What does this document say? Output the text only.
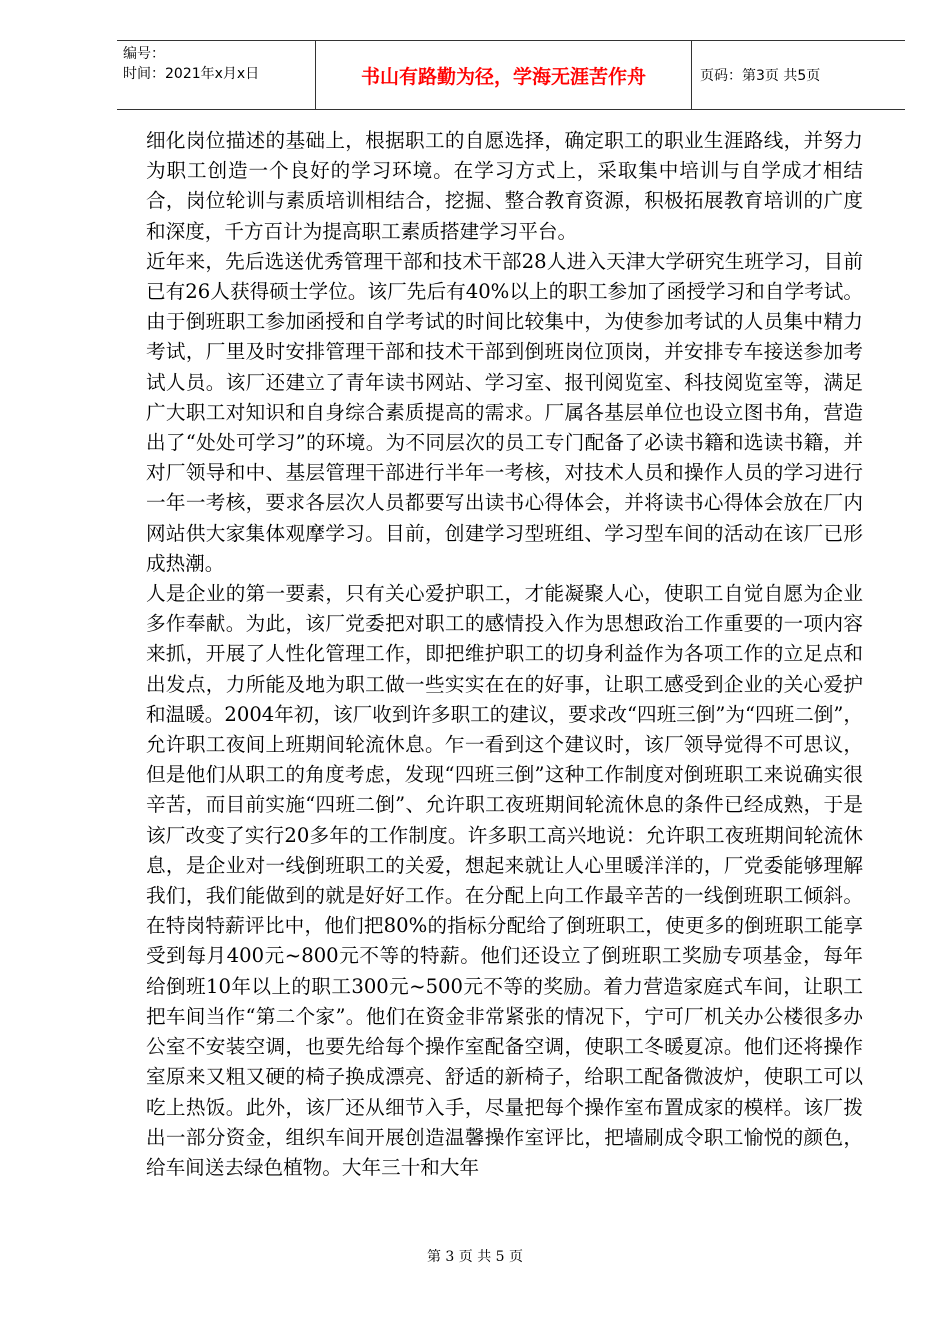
编号：
时间：2021年x月x日	书山有路勤为径，学海无涯苦作舟	页码：第3页 共5页

细化岗位描述的基础上，根据职工的自愿选择，确定职工的职业生涯路线，并努力为职工创造一个良好的学习环境。在学习方式上，采取集中培训与自学成才相结合，岗位轮训与素质培训相结合，挖掘、整合教育资源，积极拓展教育培训的广度和深度，千方百计为提高职工素质搭建学习平台。

近年来，先后选送优秀管理干部和技术干部28人进入天津大学研究生班学习，目前已有26人获得硕士学位。该厂先后有40%以上的职工参加了函授学习和自学考试。由于倒班职工参加函授和自学考试的时间比较集中，为使参加考试的人员集中精力考试，厂里及时安排管理干部和技术干部到倒班岗位顶岗，并安排专车接送参加考试人员。该厂还建立了青年读书网站、学习室、报刊阅览室、科技阅览室等，满足广大职工对知识和自身综合素质提高的需求。厂属各基层单位也设立图书角，营造出了“处处可学习”的环境。为不同层次的员工专门配备了必读书籍和选读书籍，并对厂领导和中、基层管理干部进行半年一考核，对技术人员和操作人员的学习进行一年一考核，要求各层次人员都要写出读书心得体会，并将读书心得体会放在厂内网站供大家集体观摩学习。目前，创建学习型班组、学习型车间的活动在该厂已形成热潮。

人是企业的第一要素，只有关心爱护职工，才能凝聚人心，使职工自觉自愿为企业多作奉献。为此，该厂党委把对职工的感情投入作为思想政治工作重要的一项内容来抓，开展了人性化管理工作，即把维护职工的切身利益作为各项工作的立足点和出发点，力所能及地为职工做一些实实在在的好事，让职工感受到企业的关心爱护和温暖。2004年初，该厂收到许多职工的建议，要求改“四班三倒”为“四班二倒”，允许职工夜间上班期间轮流休息。乍一看到这个建议时，该厂领导觉得不可思议，但是他们从职工的角度考虑，发现“四班三倒”这种工作制度对倒班职工来说确实很辛苦，而目前实施“四班二倒”、允许职工夜班期间轮流休息的条件已经成熟，于是该厂改变了实行20多年的工作制度。许多职工高兴地说：允许职工夜班期间轮流休息，是企业对一线倒班职工的关爱，想起来就让人心里暖洋洋的，厂党委能够理解我们，我们能做到的就是好好工作。在分配上向工作最辛苦的一线倒班职工倾斜。在特岗特薪评比中，他们把80%的指标分配给了倒班职工，使更多的倒班职工能享受到每月400元~800元不等的特薪。他们还设立了倒班职工奖励专项基金，每年给倒班10年以上的职工300元~500元不等的奖励。着力营造家庭式车间，让职工把车间当作“第二个家”。他们在资金非常紧张的情况下，宁可厂机关办公楼很多办公室不安装空调，也要先给每个操作室配备空调，使职工冬暖夏凉。他们还将操作室原来又粗又硬的椅子换成漂亮、舒适的新椅子，给职工配备微波炉，使职工可以吃上热饭。此外，该厂还从细节入手，尽量把每个操作室布置成家的模样。该厂拨出一部分资金，组织车间开展创造温馨操作室评比，把墙刷成令职工愉悦的颜色，给车间送去绿色植物。大年三十和大年

第 3 页 共 5 页
